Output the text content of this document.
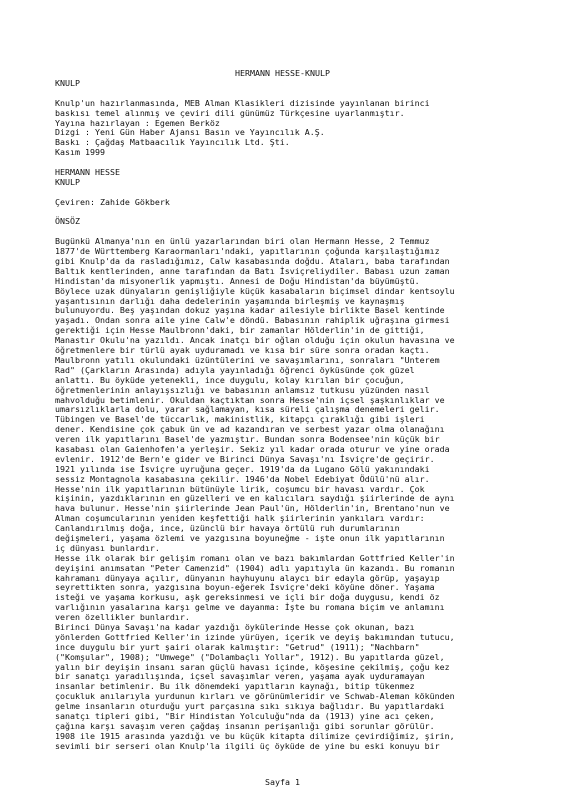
HERMANN HESSE-KNULP
KNULP
Knulp'un hazırlanmasında, MEB Alman Klasikleri dizisinde yayınlanan birinci
baskısı temel alınmış ve çeviri dili günümüz Türkçesine uyarlanmıştır.
Yayına hazırlayan : Egemen Berköz
Dizgi : Yeni Gün Haber Ajansı Basın ve Yayıncılık A.Ş.
Baskı : Çağdaş Matbaacılık Yayıncılık Ltd. Şti.
Kasım 1999
HERMANN HESSE
KNULP
Çeviren: Zahide Gökberk
ÖNSÖZ
Bugünkü Almanya'nın en ünlü yazarlarından biri olan Hermann Hesse, 2 Temmuz
1877'de Württemberg Karaormanları'ndaki, yapıtlarının çoğunda karşılaştığımız
gibi Knulp'da da rasladığımız, Calw kasabasında doğdu. Ataları, baba tarafından
Baltık kentlerinden, anne tarafından da Batı İsviçreliydiler. Babası uzun zaman
Hindistan'da misyonerlik yapmıştı. Annesi de Doğu Hindistan'da büyümüştü.
Böylece uzak dünyaların genişliğiyle küçük kasabaların biçimsel dindar kentsoylu
yaşantısının darlığı daha dedelerinin yaşamında birleşmiş ve kaynaşmış
bulunuyordu. Beş yaşından dokuz yaşına kadar ailesiyle birlikte Basel kentinde
yaşadı. Ondan sonra aile yine Calw'e döndü. Babasının rahiplik uğraşına girmesi
gerektiği için Hesse Maulbronn'daki, bir zamanlar Hölderlin'in de gittiği,
Manastır Okulu'na yazıldı. Ancak inatçı bir oğlan olduğu için okulun havasına ve
öğretmenlere bir türlü ayak uyduramadı ve kısa bir süre sonra oradan kaçtı.
Maulbronn yatılı okulundaki üzüntülerini ve savaşımlarını, sonraları "Unterem
Rad" (Çarkların Arasında) adıyla yayınladığı öğrenci öyküsünde çok güzel
anlattı. Bu öyküde yetenekli, ince duygulu, kolay kırılan bir çocuğun,
öğretmenlerinin anlayışsızlığı ve babasının anlamsız tutkusu yüzünden nasıl
mahvolduğu betimlenir. Okuldan kaçtıktan sonra Hesse'nin içsel şaşkınlıklar ve
umarsızlıklarla dolu, yarar sağlamayan, kısa süreli çalışma denemeleri gelir.
Tübingen ve Basel'de tüccarlık, makinistlik, kitapçı çıraklığı gibi işleri
dener. Kendisine çok çabuk ün ve ad kazandıran ve serbest yazar olma olanağını
veren ilk yapıtlarını Basel'de yazmıştır. Bundan sonra Bodensee'nin küçük bir
kasabası olan Gaienhofen'a yerleşir. Sekiz yıl kadar orada oturur ve yine orada
evlenir. 1912'de Bern'e gider ve Birinci Dünya Savaşı'nı İsviçre'de geçirir.
1921 yılında ise İsviçre uyruğuna geçer. 1919'da da Lugano Gölü yakınındaki
sessiz Montagnola kasabasına çekilir. 1946'da Nobel Edebiyat Ödülü'nü alır.
Hesse'nin ilk yapıtlarının bütünüyle lirik, coşumcu bir havası vardır. Çok
kişinin, yazdıklarının en güzelleri ve en kalıcıları saydığı şiirlerinde de aynı
hava bulunur. Hesse'nin şiirlerinde Jean Paul'ün, Hölderlin'in, Brentano'nun ve
Alman coşumcularının yeniden keşfettiği halk şiirlerinin yankıları vardır:
Canlandırılmış doğa, ince, üzünclü bir havaya örtülü ruh durumlarının
değişmeleri, yaşama özlemi ve yazgısına boyuneğme - işte onun ilk yapıtlarının
iç dünyası bunlardır.
Hesse ilk olarak bir gelişim romanı olan ve bazı bakımlardan Gottfried Keller'in
deyişini anımsatan "Peter Camenzid" (1904) adlı yapıtıyla ün kazandı. Bu romanın
kahramanı dünyaya açılır, dünyanın hayhuyunu alaycı bir edayla görüp, yaşayıp
seyrettikten sonra, yazgısına boyun-eğerek İsviçre'deki köyüne döner. Yaşama
isteği ve yaşama korkusu, aşk gereksinmesi ve içli bir doğa duygusu, kendi öz
varlığının yasalarına karşı gelme ve dayanma: İşte bu romana biçim ve anlamını
veren özellikler bunlardır.
Birinci Dünya Savaşı'na kadar yazdığı öykülerinde Hesse çok okunan, bazı
yönlerden Gottfried Keller'in izinde yürüyen, içerik ve deyiş bakımından tutucu,
ince duygulu bir yurt şairi olarak kalmıştır: "Getrud" (1911); "Nachbarn"
("Komşular", 1908); "Umwege" ("Dolambaçlı Yollar", 1912). Bu yapıtlarda güzel,
yalın bir deyişin insanı saran güçlü havası içinde, köşesine çekilmiş, çoğu kez
bir sanatçı yaradılışında, içsel savaşımlar veren, yaşama ayak uyduramayan
insanlar betimlenir. Bu ilk dönemdeki yapıtların kaynağı, bitip tükenmez
çocukluk anılarıyla yurdunun kırları ve görünümleridir ve Schwab-Aleman kökünden
gelme insanların oturduğu yurt parçasına sıkı sıkıya bağlıdır. Bu yapıtlardaki
sanatçı tipleri gibi, "Bir Hindistan Yolculuğu"nda da (1913) yine acı çeken,
çağına karşı savaşım veren çağdaş insanın perişanlığı gibi sorunlar görülür.
1908 ile 1915 arasında yazdığı ve bu küçük kitapta dilimize çevirdiğimiz, şirin,
sevimli bir serseri olan Knulp'la ilgili üç öyküde de yine bu eski konuyu bir
Sayfa 1
